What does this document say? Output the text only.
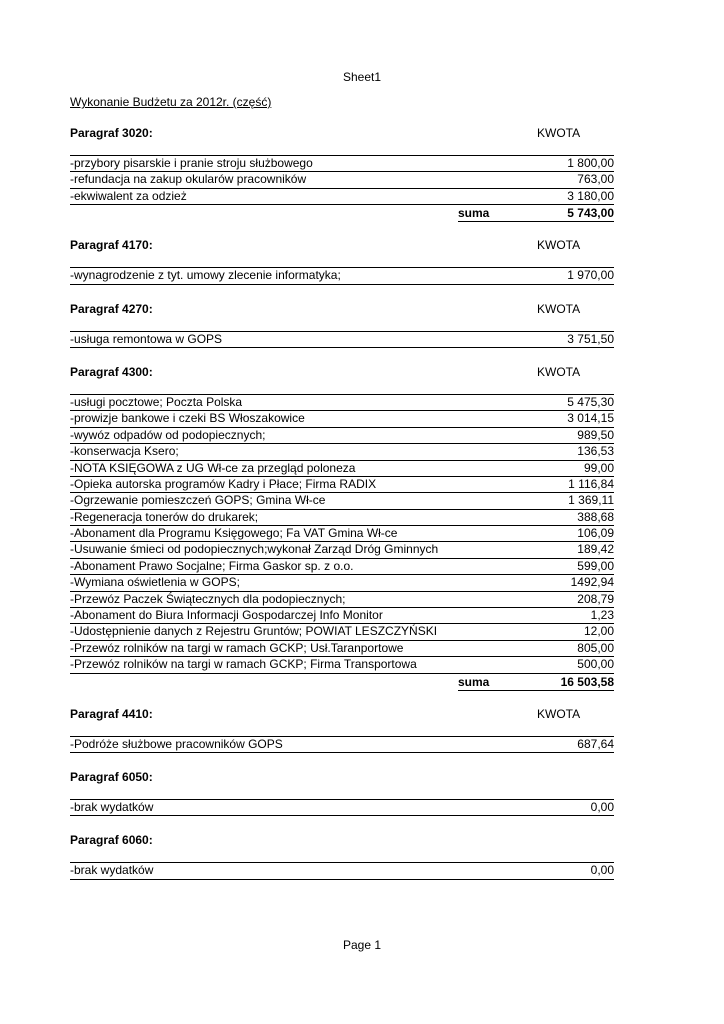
Sheet1
Wykonanie Budżetu za 2012r. (część)
Paragraf 3020:	KWOTA
-przybory pisarskie i pranie stroju służbowego	1 800,00
-refundacja na zakup okularów pracowników	763,00
-ekwiwalent za odzież	3 180,00
suma	5 743,00
Paragraf 4170:	KWOTA
-wynagrodzenie z tyt. umowy zlecenie informatyka;	1 970,00
Paragraf 4270:	KWOTA
-usługa remontowa w GOPS	3 751,50
Paragraf 4300:	KWOTA
-usługi pocztowe; Poczta Polska	5 475,30
-prowizje bankowe i czeki BS Włoszakowice	3 014,15
-wywóz odpadów od podopiecznych;	989,50
-konserwacja Ksero;	136,53
-NOTA KSIĘGOWA z UG Wł-ce za przegląd poloneza	99,00
-Opieka autorska programów Kadry i Płace; Firma RADIX	1 116,84
-Ogrzewanie pomieszczeń GOPS; Gmina Wł-ce	1 369,11
-Regeneracja tonerów do drukarek;	388,68
-Abonament dla Programu Księgowego; Fa VAT Gmina Wł-ce	106,09
-Usuwanie śmieci od podopiecznych;wykonał Zarząd Dróg Gminnych	189,42
-Abonament Prawo Socjalne; Firma Gaskor sp. z o.o.	599,00
-Wymiana oświetlenia w GOPS;	1492,94
-Przewóz Paczek Świątecznych dla podopiecznych;	208,79
-Abonament do Biura Informacji Gospodarczej Info Monitor	1,23
-Udostępnienie danych z Rejestru Gruntów; POWIAT LESZCZYŃSKI	12,00
-Przewóz rolników na targi w ramach GCKP; Usł.Taranportowe	805,00
-Przewóz rolników na targi w ramach GCKP; Firma Transportowa	500,00
suma	16 503,58
Paragraf 4410:	KWOTA
-Podróże służbowe pracowników GOPS	687,64
Paragraf 6050:
-brak wydatków	0,00
Paragraf 6060:
-brak wydatków	0,00
Page 1
